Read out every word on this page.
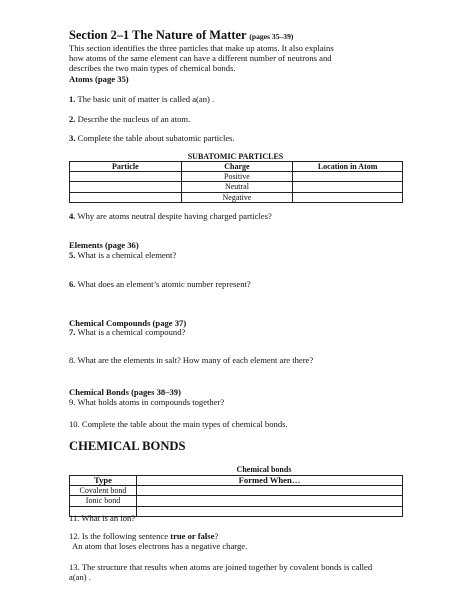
Section 2–1 The Nature of Matter (pages 35–39)
This section identifies the three particles that make up atoms. It also explains
how atoms of the same element can have a different number of neutrons and
describes the two main types of chemical bonds.
Atoms (page 35)
1. The basic unit of matter is called a(an) .
2. Describe the nucleus of an atom.
3. Complete the table about subatomic particles.
SUBATOMIC PARTICLES
Particle	Charge	Location in Atom
	Positive	
	Neutral	
	Negative	
4. Why are atoms neutral despite having charged particles?
Elements (page 36)
5. What is a chemical element?
6. What does an element’s atomic number represent?
Chemical Compounds (page 37)
7. What is a chemical compound?
8. What are the elements in salt? How many of each element are there?
Chemical Bonds (pages 38–39)
9. What holds atoms in compounds together?
10. Complete the table about the main types of chemical bonds.
CHEMICAL BONDS
Chemical bonds
Type	Formed When…
Covalent bond	
Ionic bond	

11. What is an ion?
12. Is the following sentence true or false?
An atom that loses electrons has a negative charge.
13. The structure that results when atoms are joined together by covalent bonds is called
a(an) .
